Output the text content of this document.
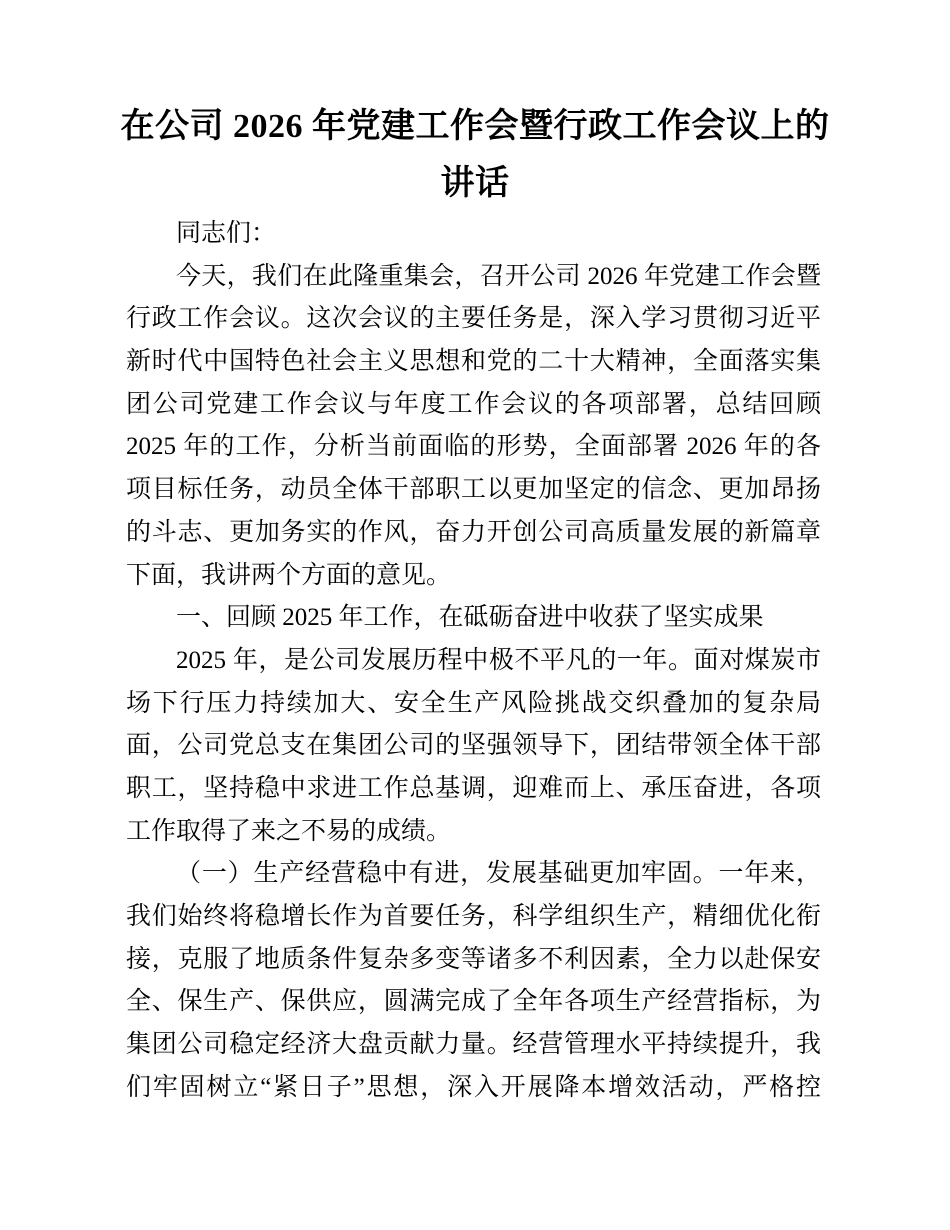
在公司 2026 年党建工作会暨行政工作会议上的
讲话
同志们：
今天，我们在此隆重集会，召开公司 2026 年党建工作会暨
行政工作会议。这次会议的主要任务是，深入学习贯彻习近平
新时代中国特色社会主义思想和党的二十大精神，全面落实集
团公司党建工作会议与年度工作会议的各项部署，总结回顾
2025 年的工作，分析当前面临的形势，全面部署 2026 年的各
项目标任务，动员全体干部职工以更加坚定的信念、更加昂扬
的斗志、更加务实的作风，奋力开创公司高质量发展的新篇章
下面，我讲两个方面的意见。
一、回顾 2025 年工作，在砥砺奋进中收获了坚实成果
2025 年，是公司发展历程中极不平凡的一年。面对煤炭市
场下行压力持续加大、安全生产风险挑战交织叠加的复杂局
面，公司党总支在集团公司的坚强领导下，团结带领全体干部
职工，坚持稳中求进工作总基调，迎难而上、承压奋进，各项
工作取得了来之不易的成绩。
（一）生产经营稳中有进，发展基础更加牢固。一年来，
我们始终将稳增长作为首要任务，科学组织生产，精细优化衔
接，克服了地质条件复杂多变等诸多不利因素，全力以赴保安
全、保生产、保供应，圆满完成了全年各项生产经营指标，为
集团公司稳定经济大盘贡献力量。经营管理水平持续提升，我
们牢固树立“紧日子”思想，深入开展降本增效活动，严格控
